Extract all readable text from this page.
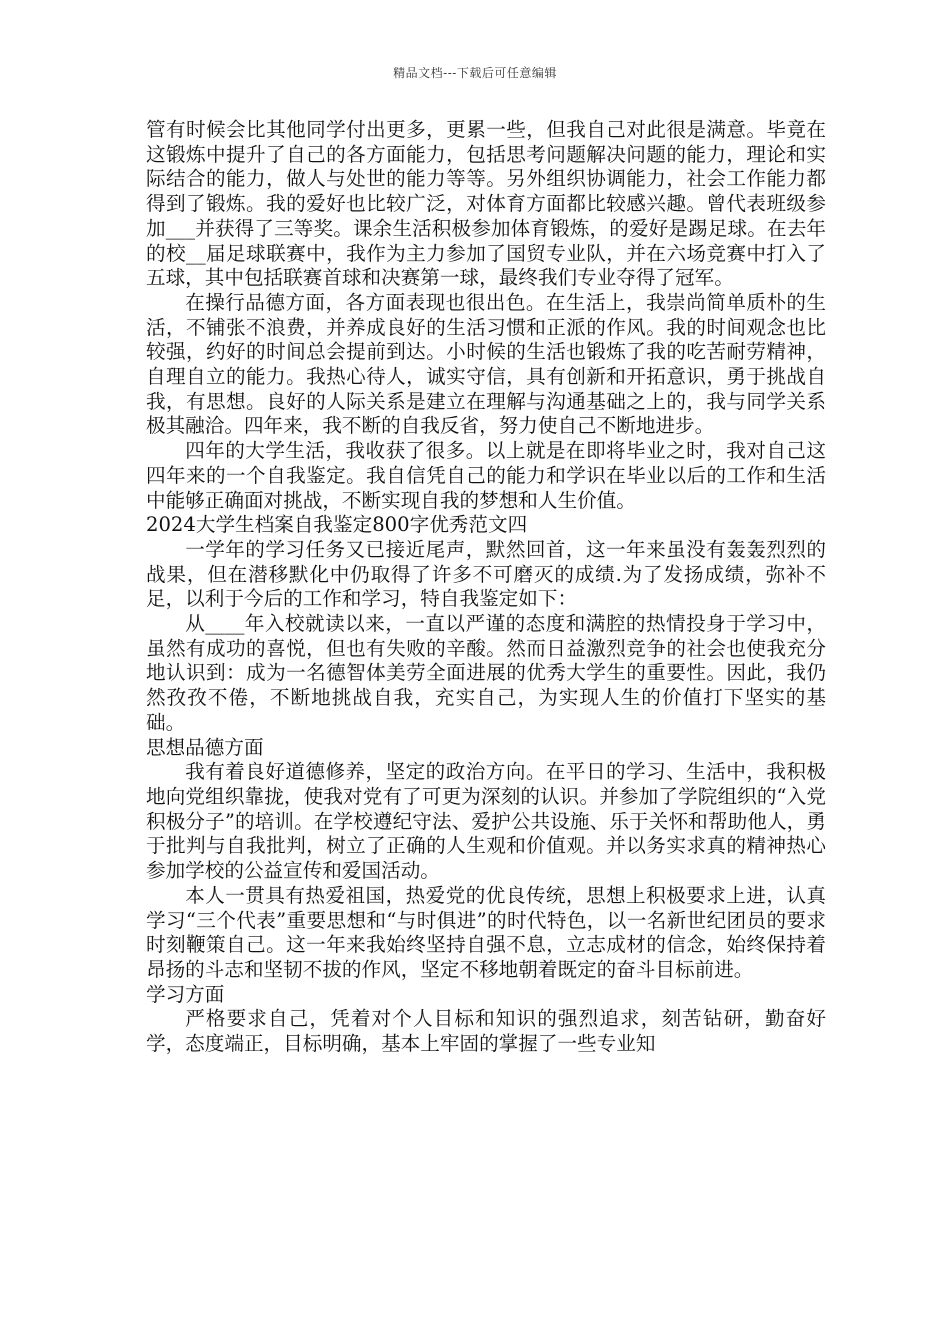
精品文档---下载后可任意编辑

管有时候会比其他同学付出更多，更累一些，但我自己对此很是满意。毕竟在这锻炼中提升了自己的各方面能力，包括思考问题解决问题的能力，理论和实际结合的能力，做人与处世的能力等等。另外组织协调能力，社会工作能力都得到了锻炼。我的爱好也比较广泛，对体育方面都比较感兴趣。曾代表班级参加___并获得了三等奖。课余生活积极参加体育锻炼，的爱好是踢足球。在去年的校__届足球联赛中，我作为主力参加了国贸专业队，并在六场竞赛中打入了五球，其中包括联赛首球和决赛第一球，最终我们专业夺得了冠军。

在操行品德方面，各方面表现也很出色。在生活上，我崇尚简单质朴的生活，不铺张不浪费，并养成良好的生活习惯和正派的作风。我的时间观念也比较强，约好的时间总会提前到达。小时候的生活也锻炼了我的吃苦耐劳精神，自理自立的能力。我热心待人，诚实守信，具有创新和开拓意识，勇于挑战自我，有思想。良好的人际关系是建立在理解与沟通基础之上的，我与同学关系极其融洽。四年来，我不断的自我反省，努力使自己不断地进步。

四年的大学生活，我收获了很多。以上就是在即将毕业之时，我对自己这四年来的一个自我鉴定。我自信凭自己的能力和学识在毕业以后的工作和生活中能够正确面对挑战，不断实现自我的梦想和人生价值。

2024大学生档案自我鉴定800字优秀范文四

一学年的学习任务又已接近尾声，默然回首，这一年来虽没有轰轰烈烈的战果，但在潜移默化中仍取得了许多不可磨灭的成绩.为了发扬成绩，弥补不足，以利于今后的工作和学习，特自我鉴定如下：

从____年入校就读以来，一直以严谨的态度和满腔的热情投身于学习中，虽然有成功的喜悦，但也有失败的辛酸。然而日益激烈竞争的社会也使我充分地认识到：成为一名德智体美劳全面进展的优秀大学生的重要性。因此，我仍然孜孜不倦，不断地挑战自我，充实自己，为实现人生的价值打下坚实的基础。

思想品德方面

我有着良好道德修养，坚定的政治方向。在平日的学习、生活中，我积极地向党组织靠拢，使我对党有了可更为深刻的认识。并参加了学院组织的“入党积极分子”的培训。在学校遵纪守法、爱护公共设施、乐于关怀和帮助他人，勇于批判与自我批判，树立了正确的人生观和价值观。并以务实求真的精神热心参加学校的公益宣传和爱国活动。

本人一贯具有热爱祖国，热爱党的优良传统，思想上积极要求上进，认真学习“三个代表”重要思想和“与时俱进”的时代特色，以一名新世纪团员的要求时刻鞭策自己。这一年来我始终坚持自强不息，立志成材的信念，始终保持着昂扬的斗志和坚韧不拔的作风，坚定不移地朝着既定的奋斗目标前进。

学习方面

严格要求自己，凭着对个人目标和知识的强烈追求，刻苦钻研，勤奋好学，态度端正，目标明确，基本上牢固的掌握了一些专业知
